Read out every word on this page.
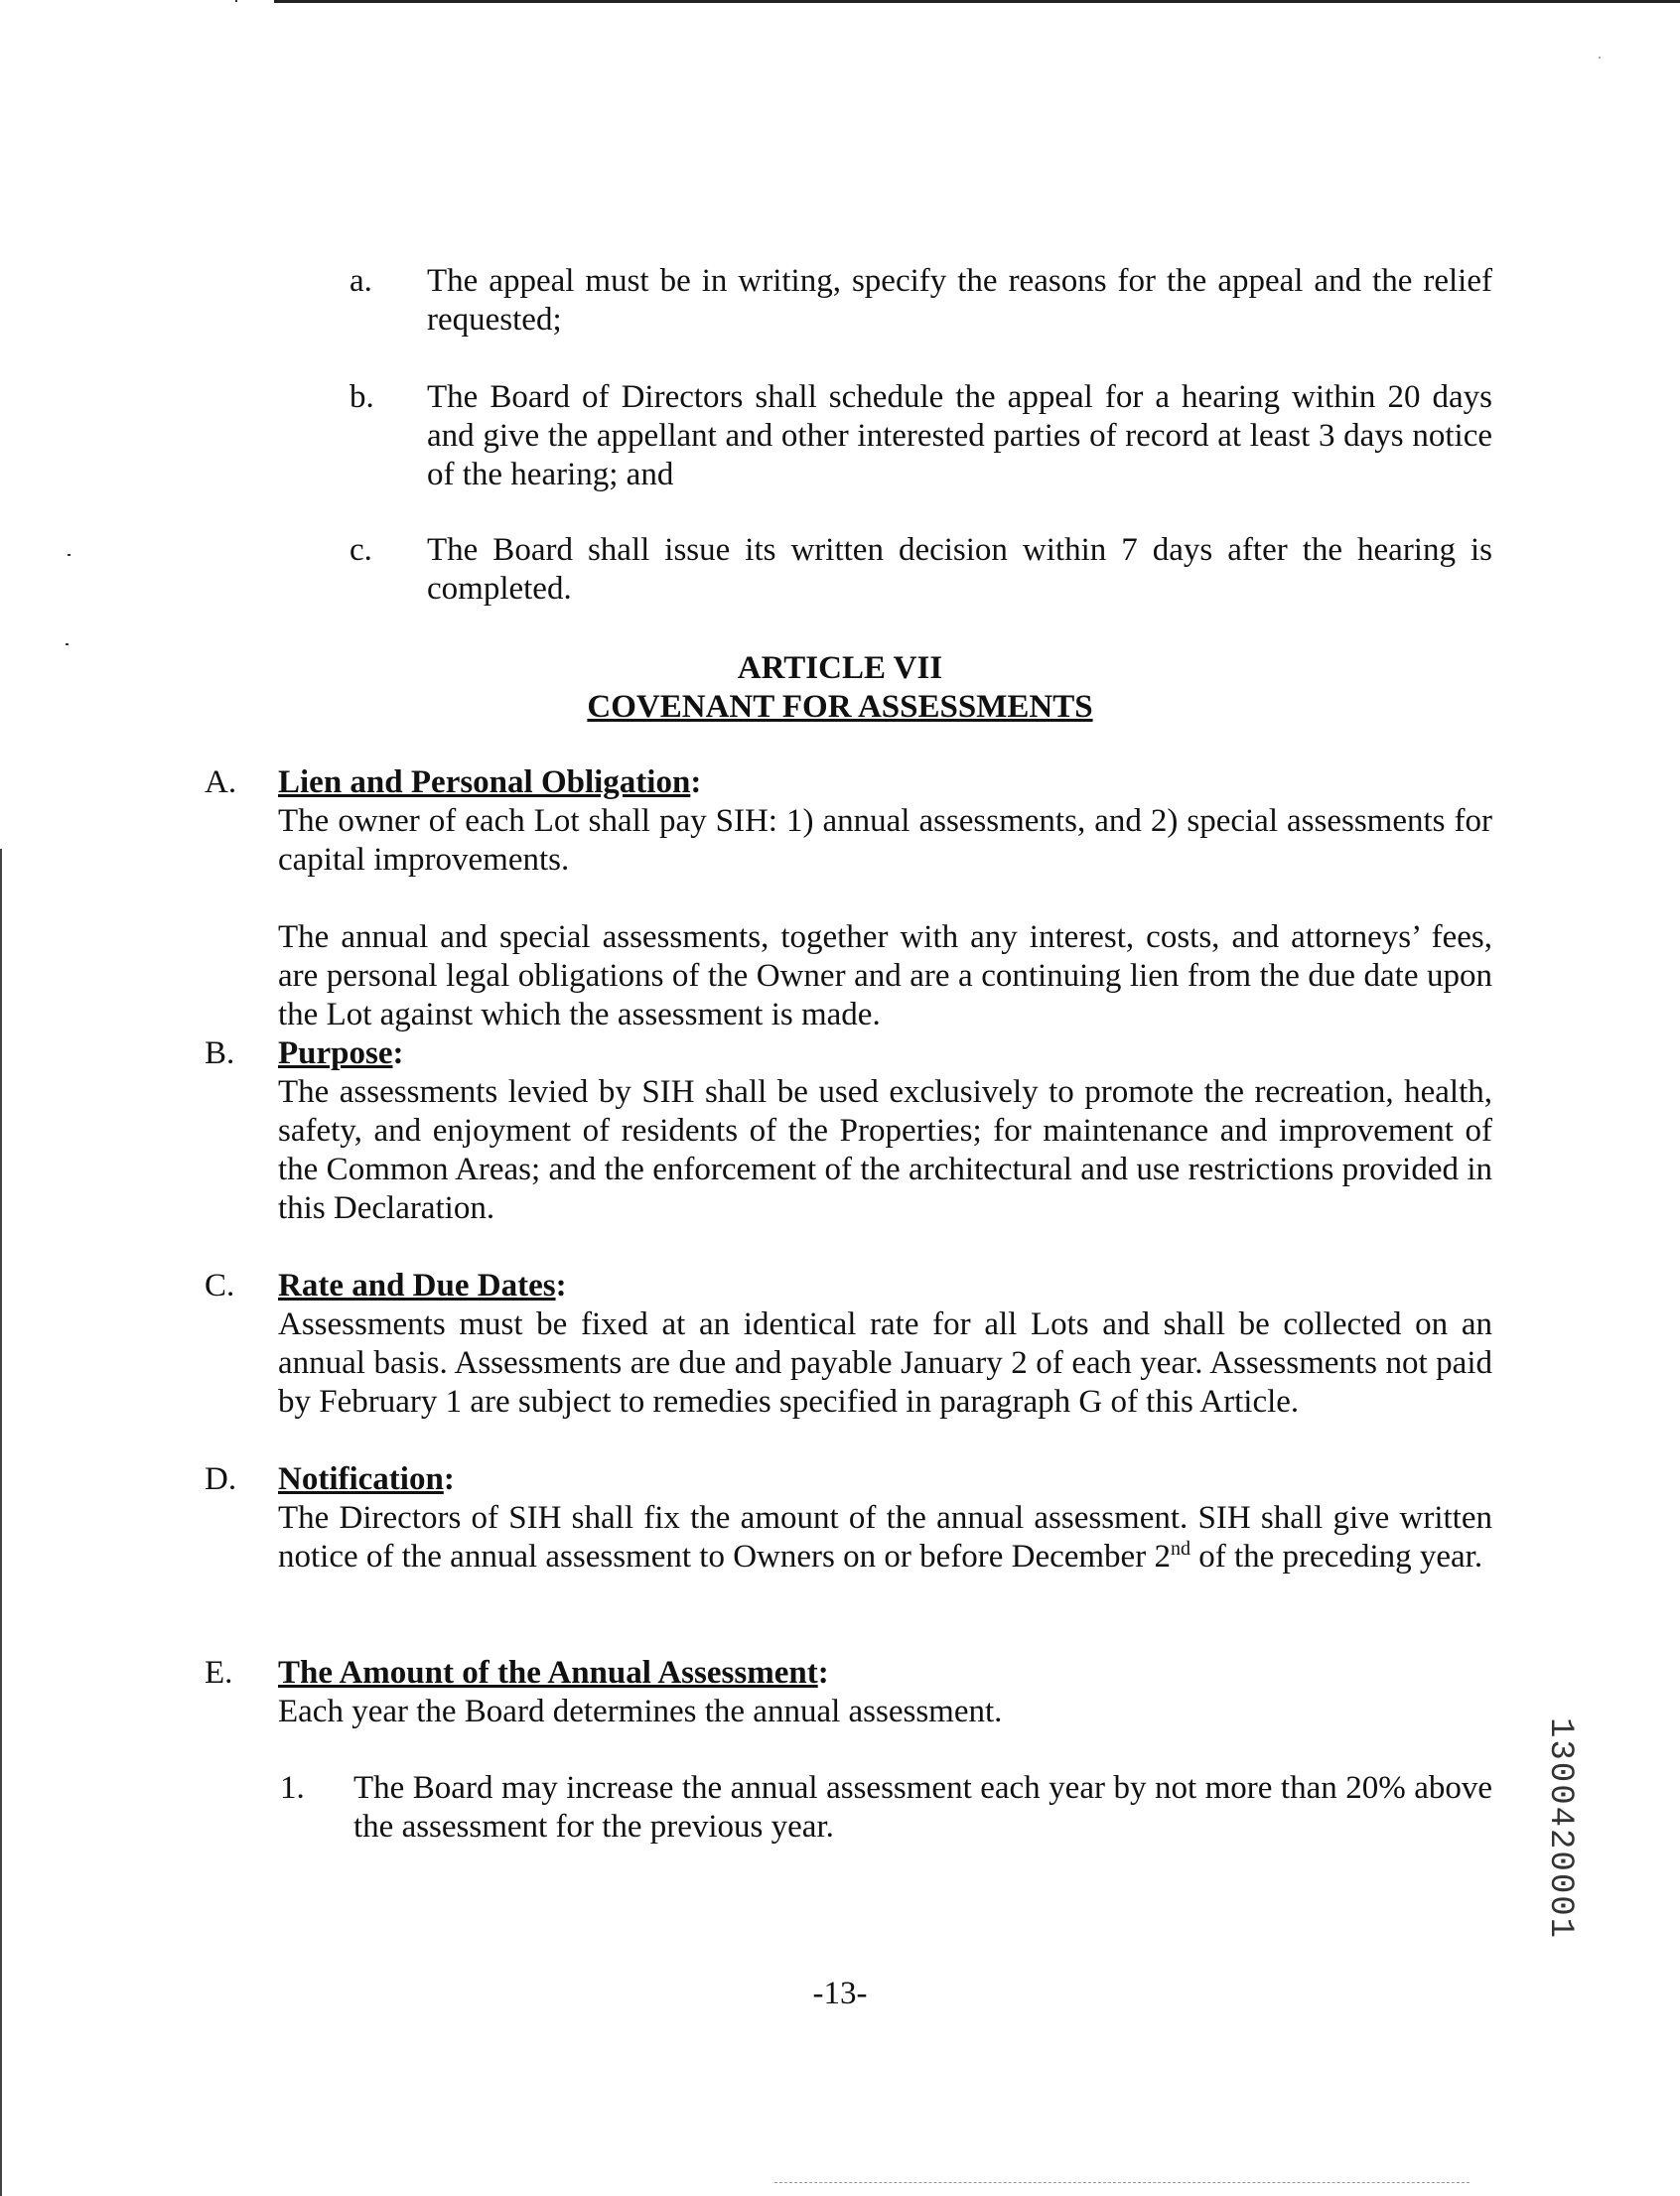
a. The appeal must be in writing, specify the reasons for the appeal and the relief requested;

b. The Board of Directors shall schedule the appeal for a hearing within 20 days and give the appellant and other interested parties of record at least 3 days notice of the hearing; and

c. The Board shall issue its written decision within 7 days after the hearing is completed.

ARTICLE VII

COVENANT FOR ASSESSMENTS

A. Lien and Personal Obligation:

The owner of each Lot shall pay SIH: 1) annual assessments, and 2) special assessments for capital improvements.

The annual and special assessments, together with any interest, costs, and attorneys’ fees, are personal legal obligations of the Owner and are a continuing lien from the due date upon the Lot against which the assessment is made.

B. Purpose:

The assessments levied by SIH shall be used exclusively to promote the recreation, health, safety, and enjoyment of residents of the Properties; for maintenance and improvement of the Common Areas; and the enforcement of the architectural and use restrictions provided in this Declaration.

C. Rate and Due Dates:

Assessments must be fixed at an identical rate for all Lots and shall be collected on an annual basis. Assessments are due and payable January 2 of each year. Assessments not paid by February 1 are subject to remedies specified in paragraph G of this Article.

D. Notification:

The Directors of SIH shall fix the amount of the annual assessment. SIH shall give written notice of the annual assessment to Owners on or before December 2nd of the preceding year.

E. The Amount of the Annual Assessment:

Each year the Board determines the annual assessment.

1. The Board may increase the annual assessment each year by not more than 20% above the assessment for the previous year.	1300420001

-13-
